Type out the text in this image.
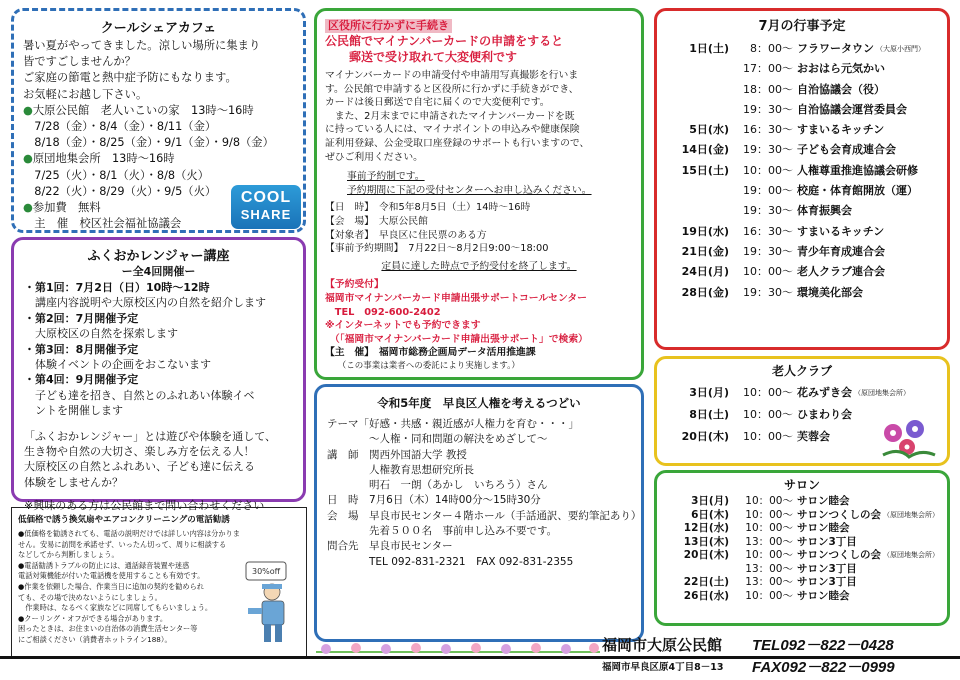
クールシェアカフェ
暑い夏がやってきました。涼しい場所に集まり
皆ですごしませんか？
ご家庭の節電と熱中症予防にもなります。
お気軽にお越し下さい。
●大原公民館　老人いこいの家　13時〜16時
　7/28（金）・8/4（金）・8/11（金）
　8/18（金）・8/25（金）・9/1（金）・9/8（金）
●原団地集会所　13時〜16時
　7/25（火）・8/1（火）・8/8（火）
　8/22（火）・8/29（火）・9/5（火）
●参加費　無料
　主　催　校区社会福祉協議会
COOL
SHARE
ふくおかレンジャー講座
ー全4回開催ー
・第1回：7月2日（日）10時〜12時
　講座内容説明や大原校区内の自然を紹介します
・第2回：7月開催予定
　大原校区の自然を探索します
・第3回：8月開催予定
　体験イベントの企画をおこないます
・第4回：9月開催予定
　子ども達を招き、自然とのふれあい体験イベ
　ントを開催します
「ふくおかレンジャー」とは遊びや体験を通して、
生き物や自然の大切さ、楽しみ方を伝える人！
大原校区の自然とふれあい、子ども達に伝える
体験をしませんか？
※興味のある方は公民館まで問い合わせください
低価格で誘う換気扇やエアコンクリーニングの電話勧誘
●低価格を勧誘されても、電話の説明だけでは詳しい内容は分かりま
せん。安易に訪問を承諾せず、いったん切って、周りに相談する
などしてから判断しましょう。
●電話勧誘トラブルの防止には、通話録音装置や迷惑
電話対策機能が付いた電話機を使用することも有効です。
●作業を依頼した場合、作業当日に追加の契約を勧められ
ても、その場で決めないようにしましょう。
　作業時は、なるべく家族などに同席してもらいましょう。
●クーリング・オフができる場合があります。
困ったときは、お住まいの自治体の消費生活センター等
にご相談ください（消費者ホットライン188）。
30%off
区役所に行かずに手続き
公民館でマイナンバーカードの申請をすると
　　郵送で受け取れて大変便利です
マイナンバーカードの申請受付や申請用写真撮影を行いま
す。公民館で申請すると区役所に行かずに手続きができ、
カードは後日郵送で自宅に届くので大変便利です。
　また、2月末までに申請されたマイナンバーカードを既
に持っている人には、マイナポイントの申込みや健康保険
証利用登録、公金受取口座登録のサポートも行いますので、
ぜひご利用ください。
事前予約制です。
予約期間に下記の受付センターへお申し込みください。
【日　時】　令和5年8月5日（土）14時〜16時
【会　場】　大原公民館
【対象者】　早良区に住民票のある方
【事前予約期間】　7月22日〜8月2日9:00〜18:00
定員に達した時点で予約受付を終了します。
【予約受付】
福岡市マイナンバーカード申請出張サポートコールセンター
　TEL　092-600-2402
※インターネットでも予約できます
　（「福岡市マイナンバーカード申請出張サポート」で検索）
【主　催】　福岡市総務企画局データ活用推進課
　　（この事業は業者への委託により実施します。）
令和5年度　早良区人権を考えるつどい
テーマ「好感・共感・親近感が人権力を育む・・・」
　　　　〜人権・同和問題の解決をめざして〜
講　師　関西外国語大学 教授
　　　　人権教育思想研究所長
　　　　明石　一朗（あかし　いちろう）さん
日　時　7月6日（木）14時00分〜15時30分
会　場　早良市民センター４階ホール（手話通訳、要約筆記あり）
　　　　先着５００名　事前申し込み不要です。
問合先　早良市民センター
　　　　TEL 092-831-2321　FAX 092-831-2355
7月の行事予定
1日(土)	8：00〜 フラワータウン （大原小西門）
17：00〜 おおはら元気かい
18：00〜 自治協議会（役）
19：30〜 自治協議会運営委員会
5日(水)	16：30〜 すまいるキッチン
14日(金)	19：30〜 子ども会育成連合会
15日(土)	10：00〜 人権尊重推進協議会研修
19：00〜 校庭・体育館開放（運）
19：30〜 体育振興会
19日(水)	16：30〜 すまいるキッチン
21日(金)	19：30〜 青少年育成連合会
24日(月)	10：00〜 老人クラブ連合会
28日(金)	19：30〜 環境美化部会
老人クラブ
3日(月)	10：00〜 花みずき会 （原団地集会所）
8日(土)	10：00〜 ひまわり会
20日(木)	10：00〜 芙蓉会
サロン
3日(月)	10：00〜 サロン睦会
6日(木)	10：00〜 サロンつくしの会 （原団地集会所）
12日(水)	10：00〜 サロン睦会
13日(木)	13：00〜 サロン3丁目
20日(木)	10：00〜 サロンつくしの会 （原団地集会所）
13：00〜 サロン3丁目
22日(土)	13：00〜 サロン3丁目
26日(水)	10：00〜 サロン睦会
福岡市大原公民館 TEL092－822－0428
福岡市早良区原4丁目8－13 FAX092－822－0999
